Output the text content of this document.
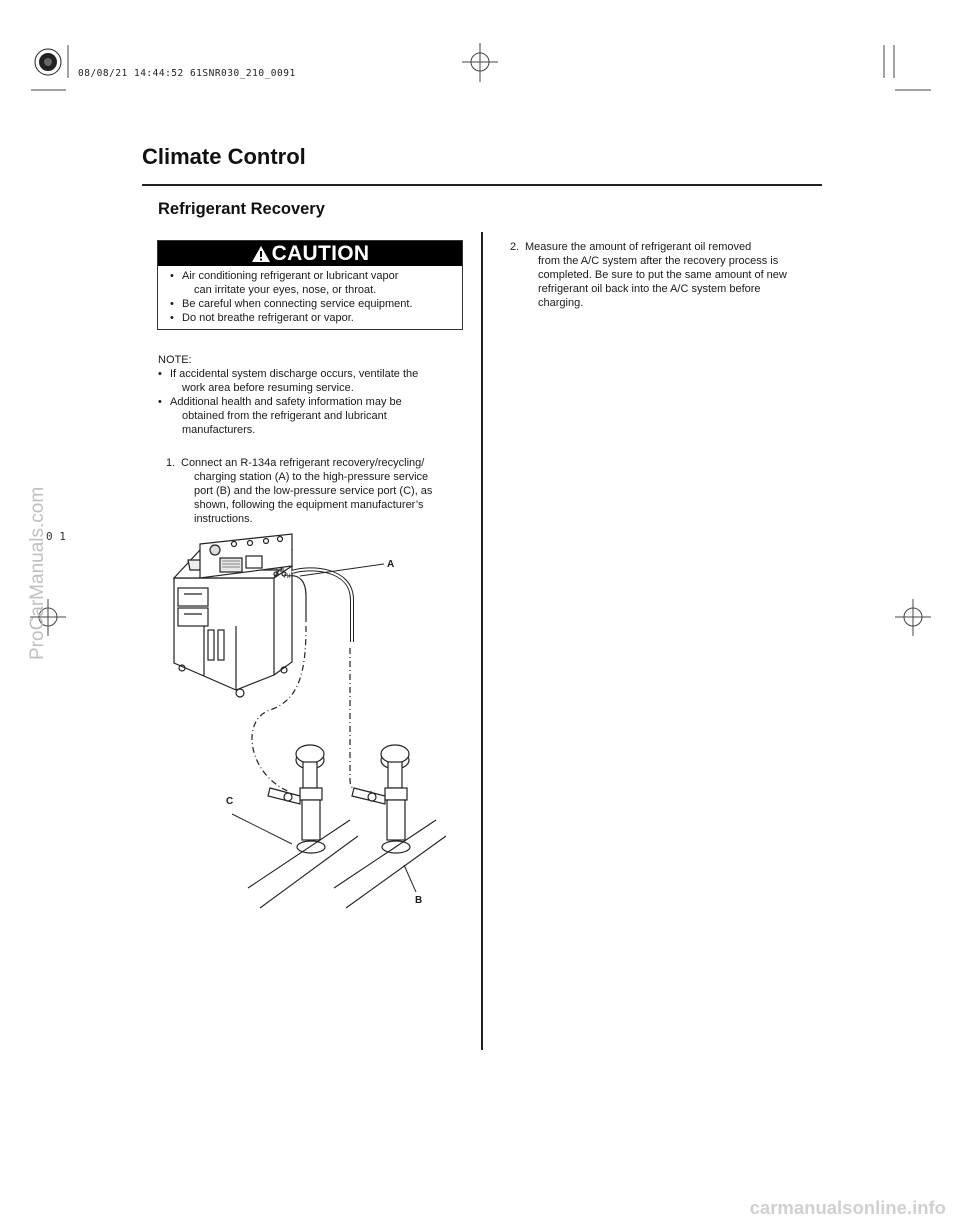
08/08/21 14:44:52 61SNR030_210_0091
Climate Control
Refrigerant Recovery
CAUTION

• Air conditioning refrigerant or lubricant vapor
can irritate your eyes, nose, or throat.

• Be careful when connecting service equipment.

• Do not breathe refrigerant or vapor.

NOTE:

• If accidental system discharge occurs, ventilate the
work area before resuming service.

• Additional health and safety information may be
obtained from the refrigerant and lubricant
manufacturers.

1. Connect an R-134a refrigerant recovery/recycling/

charging station (A) to the high-pressure service
port (B) and the low-pressure service port (C), as
shown, following the equipment manufacturer’s
instructions.
2. Measure the amount of refrigerant oil removed

from the A/C system after the recovery process is
completed. Be sure to put the same amount of new
refrigerant oil back into the A/C system before
charging.
LO
HI
A
C
B
ProCarManuals.com
0 1
carmanualsonline.info
